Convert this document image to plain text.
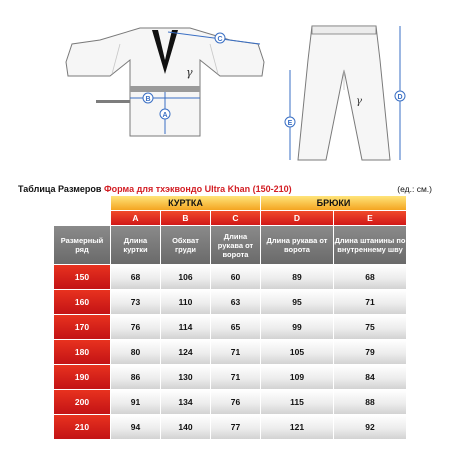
γ
C
B
A
γ
E
D
Таблица Размеров Форма для тхэквондо Ultra Khan (150-210)	(ед.: см.)
	КУРТКА			БРЮКИ	
	A	B	C	D	E
Размерный ряд	Длина куртки	Обхват груди	Длина рукава от ворота	Длина рукава от ворота	Длина штанины по внутреннему шву
150	68	106	60	89	68
160	73	110	63	95	71
170	76	114	65	99	75
180	80	124	71	105	79
190	86	130	71	109	84
200	91	134	76	115	88
210	94	140	77	121	92
